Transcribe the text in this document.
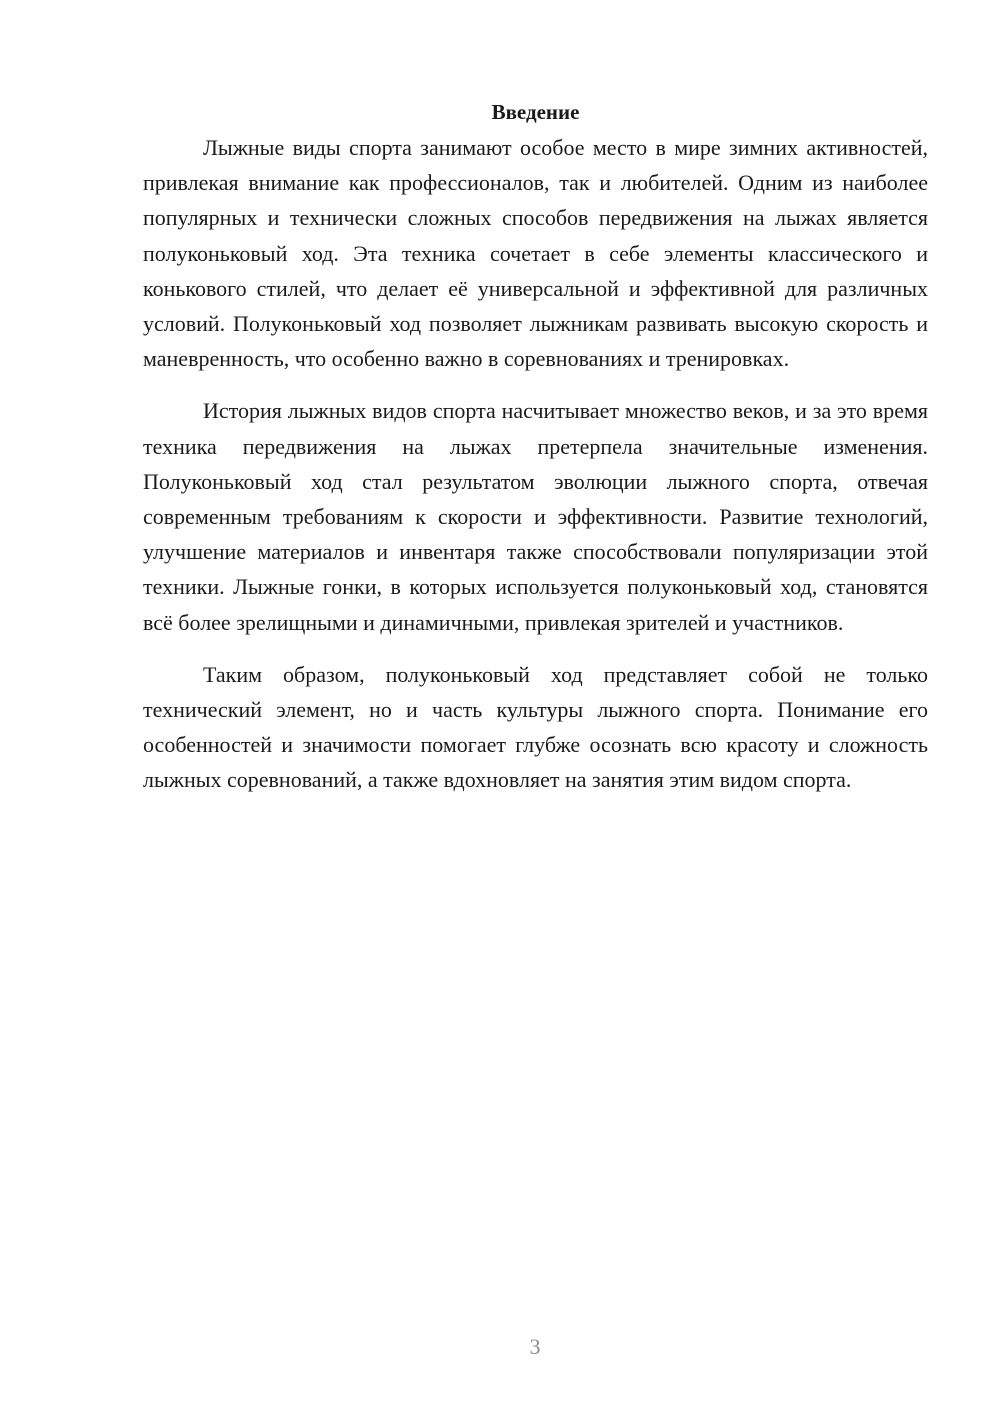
Введение

Лыжные виды спорта занимают особое место в мире зимних активностей, привлекая внимание как профессионалов, так и любителей. Одним из наиболее популярных и технически сложных способов передвижения на лыжах является полуконьковый ход. Эта техника сочетает в себе элементы классического и конькового стилей, что делает её универсальной и эффективной для различных условий. Полуконьковый ход позволяет лыжникам развивать высокую скорость и маневренность, что особенно важно в соревнованиях и тренировках.

История лыжных видов спорта насчитывает множество веков, и за это время техника передвижения на лыжах претерпела значительные изменения. Полуконьковый ход стал результатом эволюции лыжного спорта, отвечая современным требованиям к скорости и эффективности. Развитие технологий, улучшение материалов и инвентаря также способствовали популяризации этой техники. Лыжные гонки, в которых используется полуконьковый ход, становятся всё более зрелищными и динамичными, привлекая зрителей и участников.

Таким образом, полуконьковый ход представляет собой не только технический элемент, но и часть культуры лыжного спорта. Понимание его особенностей и значимости помогает глубже осознать всю красоту и сложность лыжных соревнований, а также вдохновляет на занятия этим видом спорта.

3
